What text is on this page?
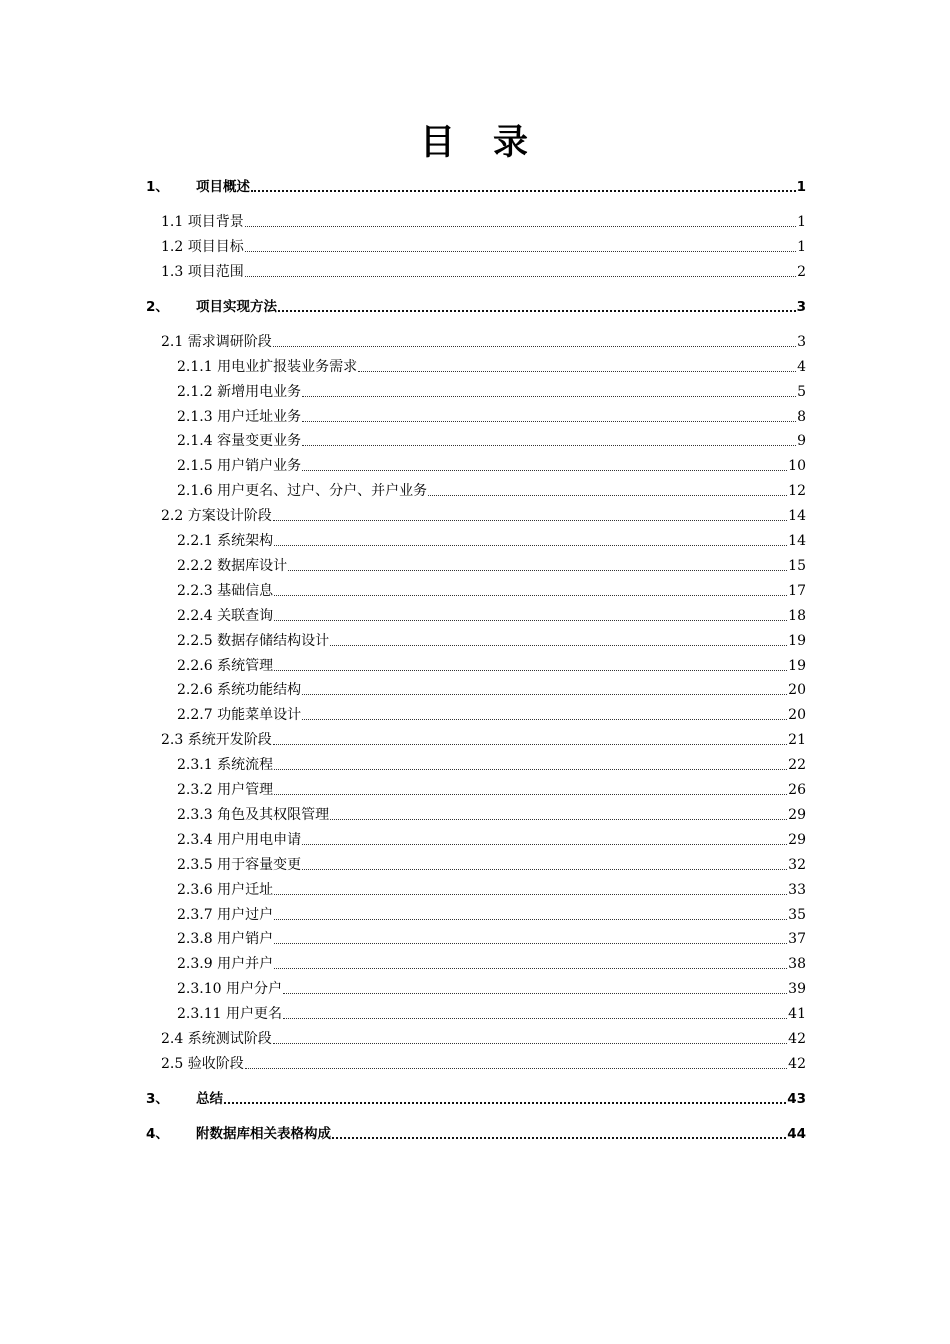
目 录
1、	项目概述	1
1.1 项目背景	1
1.2 项目目标	1
1.3 项目范围	2
2、	项目实现方法	3
2.1 需求调研阶段	3
2.1.1 用电业扩报装业务需求	4
2.1.2 新增用电业务	5
2.1.3 用户迁址业务	8
2.1.4 容量变更业务	9
2.1.5 用户销户业务	10
2.1.6 用户更名、过户、分户、并户业务	12
2.2 方案设计阶段	14
2.2.1 系统架构	14
2.2.2 数据库设计	15
2.2.3 基础信息	17
2.2.4 关联查询	18
2.2.5 数据存储结构设计	19
2.2.6 系统管理	19
2.2.6 系统功能结构	20
2.2.7 功能菜单设计	20
2.3 系统开发阶段	21
2.3.1 系统流程	22
2.3.2 用户管理	26
2.3.3 角色及其权限管理	29
2.3.4 用户用电申请	29
2.3.5 用于容量变更	32
2.3.6 用户迁址	33
2.3.7 用户过户	35
2.3.8 用户销户	37
2.3.9 用户并户	38
2.3.10 用户分户	39
2.3.11 用户更名	41
2.4 系统测试阶段	42
2.5 验收阶段	42
3、	总结	43
4、	附数据库相关表格构成	44
